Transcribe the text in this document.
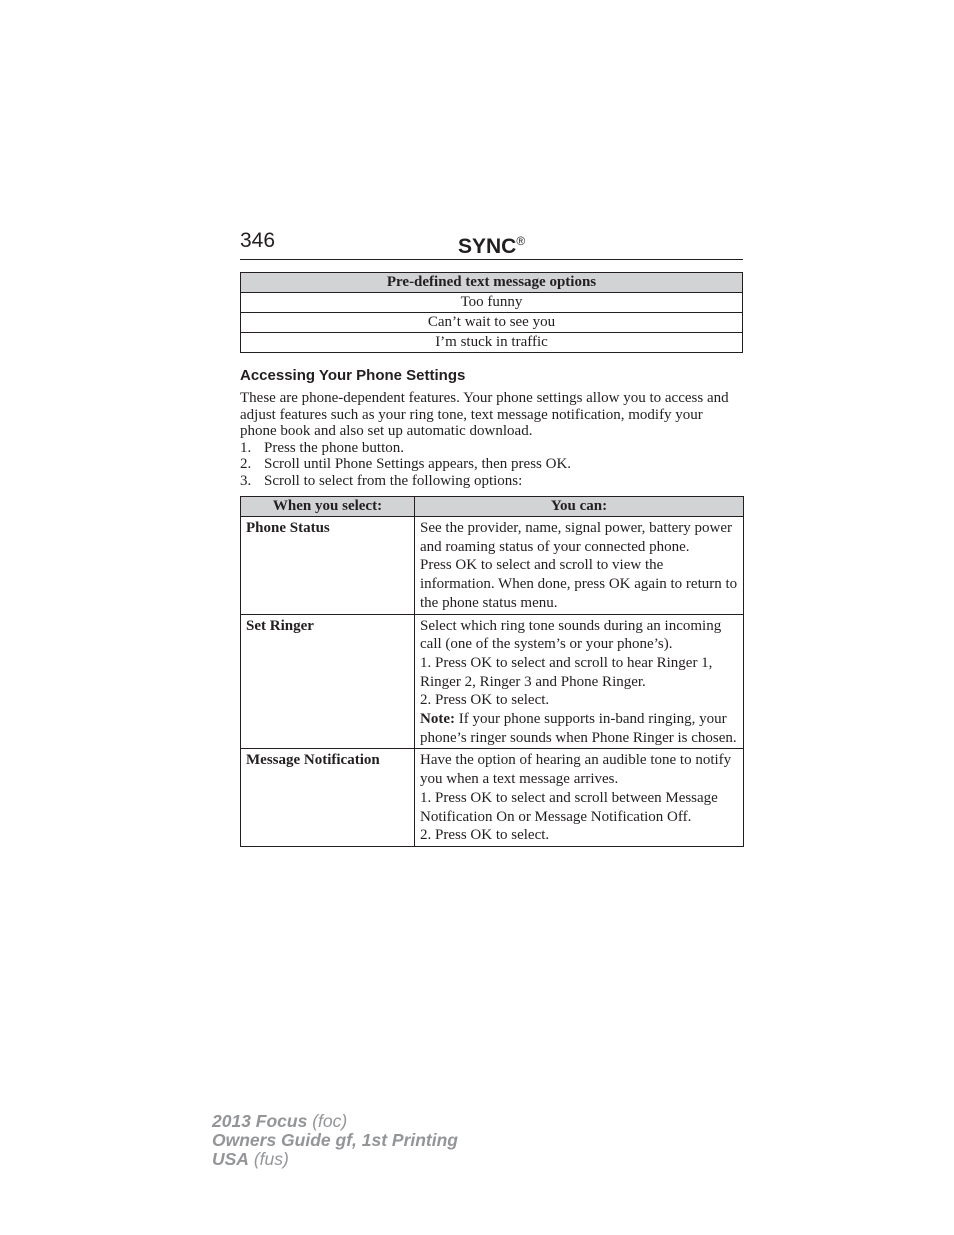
346	SYNC®
Pre-defined text message options
Too funny
Can’t wait to see you
I’m stuck in traffic
Accessing Your Phone Settings

These are phone-dependent features. Your phone settings allow you to access and adjust features such as your ring tone, text message notification, modify your phone book and also set up automatic download.

1. Press the phone button.
2. Scroll until Phone Settings appears, then press OK.
3. Scroll to select from the following options:
When you select:	You can:
Phone Status	See the provider, name, signal power, battery power and roaming status of your connected phone.

Press OK to select and scroll to view the information. When done, press OK again to return to the phone status menu.

Set Ringer	Select which ring tone sounds during an incoming call (one of the system’s or your phone’s).

1. Press OK to select and scroll to hear Ringer 1, Ringer 2, Ringer 3 and Phone Ringer.

2. Press OK to select.

Note: If your phone supports in-band ringing, your phone’s ringer sounds when Phone Ringer is chosen.

Message Notification	Have the option of hearing an audible tone to notify you when a text message arrives.

1. Press OK to select and scroll between Message Notification On or Message Notification Off.

2. Press OK to select.

2013 Focus (foc)
Owners Guide gf, 1st Printing
USA (fus)
